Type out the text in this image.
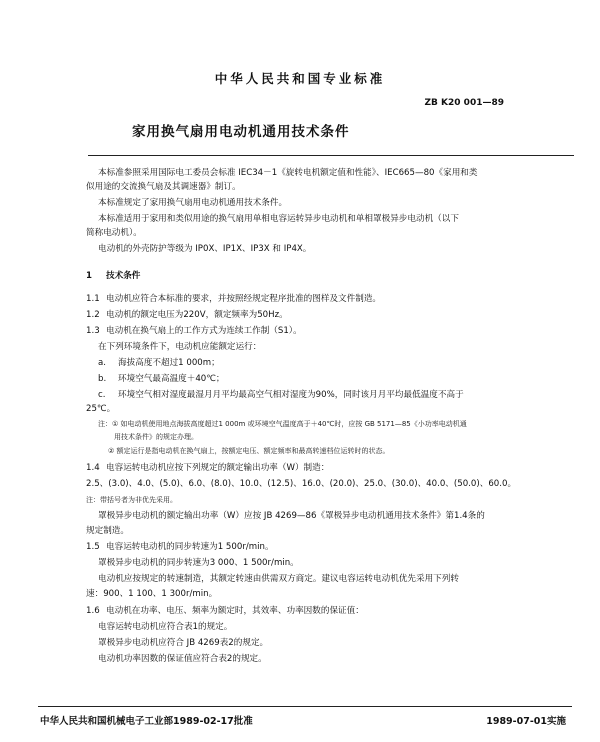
中华人民共和国专业标准
ZB K20 001—89
家用换气扇用电动机通用技术条件
本标准参照采用国际电工委员会标准 IEC34－1《旋转电机额定值和性能》、IEC665—80《家用和类
似用途的交流换气扇及其调速器》制订。
本标准规定了家用换气扇用电动机通用技术条件。
本标准适用于家用和类似用途的换气扇用单相电容运转异步电动机和单相罩极异步电动机（以下
简称电动机）。
电动机的外壳防护等级为 IP0X、IP1X、IP3X 和 IP4X。
1 技术条件
1.1 电动机应符合本标准的要求，并按照经规定程序批准的图样及文件制造。
1.2 电动机的额定电压为220V，额定频率为50Hz。
1.3 电动机在换气扇上的工作方式为连续工作制（S1）。
在下列环境条件下，电动机应能额定运行：
a. 海拔高度不超过1 000m；
b. 环境空气最高温度＋40℃；
c. 环境空气相对湿度最湿月月平均最高空气相对湿度为90%，同时该月月平均最低温度不高于
25℃。
注：① 如电动机使用地点海拔高度超过1 000m 或环境空气温度高于＋40℃时，应按 GB 5171—85《小功率电动机通
用技术条件》的规定办理。
② 额定运行是指电动机在换气扇上，按额定电压、额定频率和最高转速档位运转时的状态。
1.4 电容运转电动机应按下列规定的额定输出功率（W）制造：
2.5、(3.0)、4.0、(5.0)、6.0、(8.0)、10.0、(12.5)、16.0、(20.0)、25.0、(30.0)、40.0、(50.0)、60.0。
注：带括号者为非优先采用。
罩极异步电动机的额定输出功率（W）应按 JB 4269—86《罩极异步电动机通用技术条件》第1.4条的
规定制造。
1.5 电容运转电动机的同步转速为1 500r/min。
罩极异步电动机的同步转速为3 000、1 500r/min。
电动机应按规定的转速制造，其额定转速由供需双方商定。建议电容运转电动机优先采用下列转
速：900、1 100、1 300r/min。
1.6 电动机在功率、电压、频率为额定时，其效率、功率因数的保证值：
电容运转电动机应符合表1的规定。
罩极异步电动机应符合 JB 4269表2的规定。
电动机功率因数的保证值应符合表2的规定。
中华人民共和国机械电子工业部1989-02-17批准	1989-07-01实施
